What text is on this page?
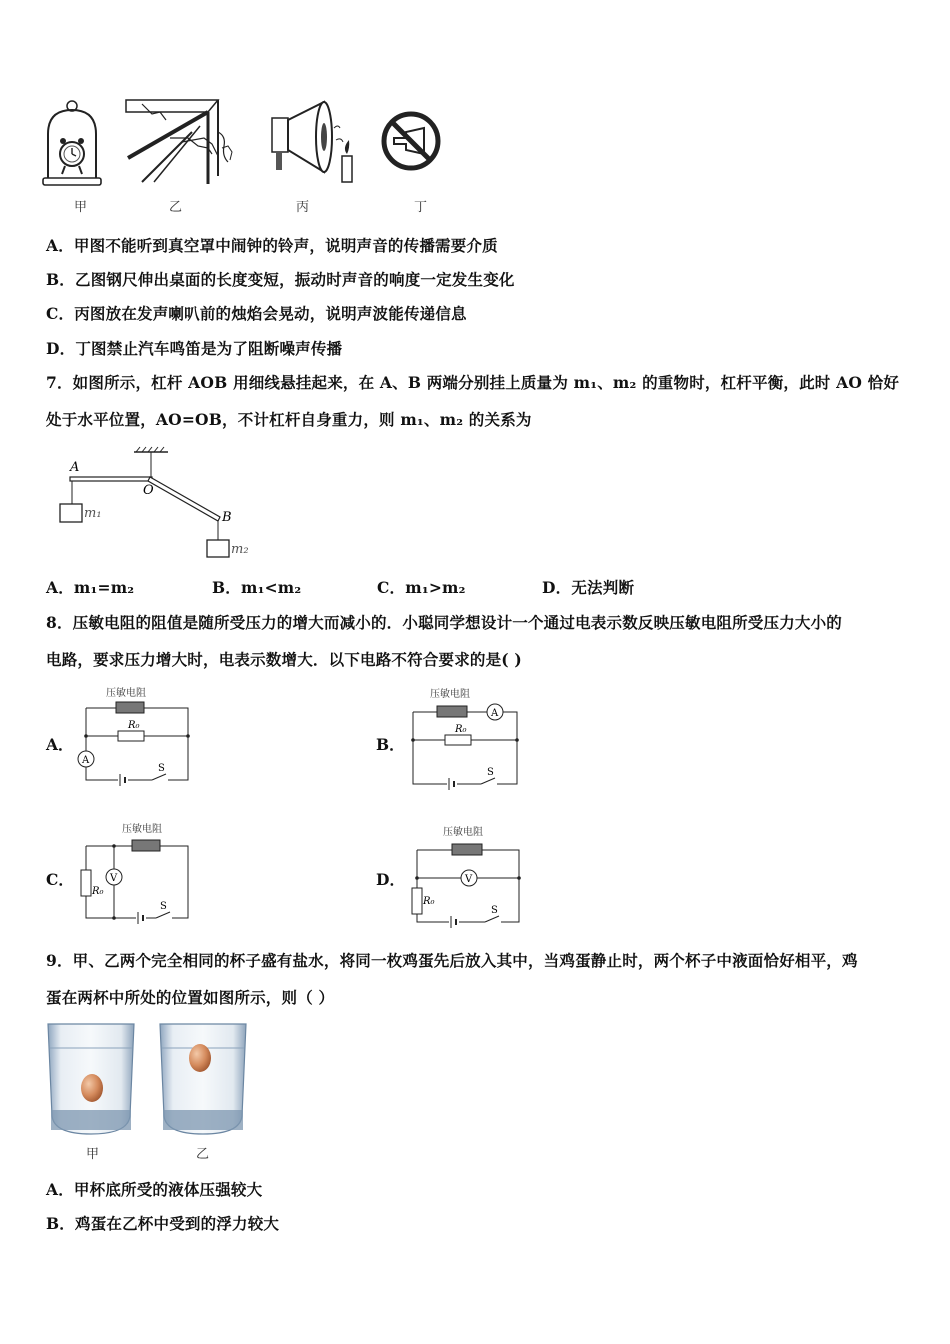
甲	乙	丙	丁
A．甲图不能听到真空罩中闹钟的铃声，说明声音的传播需要介质
B．乙图钢尺伸出桌面的长度变短，振动时声音的响度一定发生变化
C．丙图放在发声喇叭前的烛焰会晃动，说明声波能传递信息
D．丁图禁止汽车鸣笛是为了阻断噪声传播
7．如图所示，杠杆 AOB 用细线悬挂起来，在 A、B 两端分别挂上质量为 m₁、m₂ 的重物时，杠杆平衡，此时 AO 恰好
处于水平位置，AO=OB，不计杠杆自身重力，则 m₁、m₂ 的关系为
A
O
B
m₁
m₂
A．m₁=m₂	B．m₁<m₂	C．m₁>m₂	D．无法判断
8．压敏电阻的阻值是随所受压力的增大而减小的．小聪同学想设计一个通过电表示数反映压敏电阻所受压力大小的
电路，要求压力增大时，电表示数增大．以下电路不符合要求的是( )
A．
压敏电阻
R₀
A
S
B．
压敏电阻
A
R₀
S
C．
压敏电阻
V
R₀
S
D．
压敏电阻
V
R₀
S
9．甲、乙两个完全相同的杯子盛有盐水，将同一枚鸡蛋先后放入其中，当鸡蛋静止时，两个杯子中液面恰好相平，鸡
蛋在两杯中所处的位置如图所示，则（ ）
甲	乙
A．甲杯底所受的液体压强较大
B．鸡蛋在乙杯中受到的浮力较大
